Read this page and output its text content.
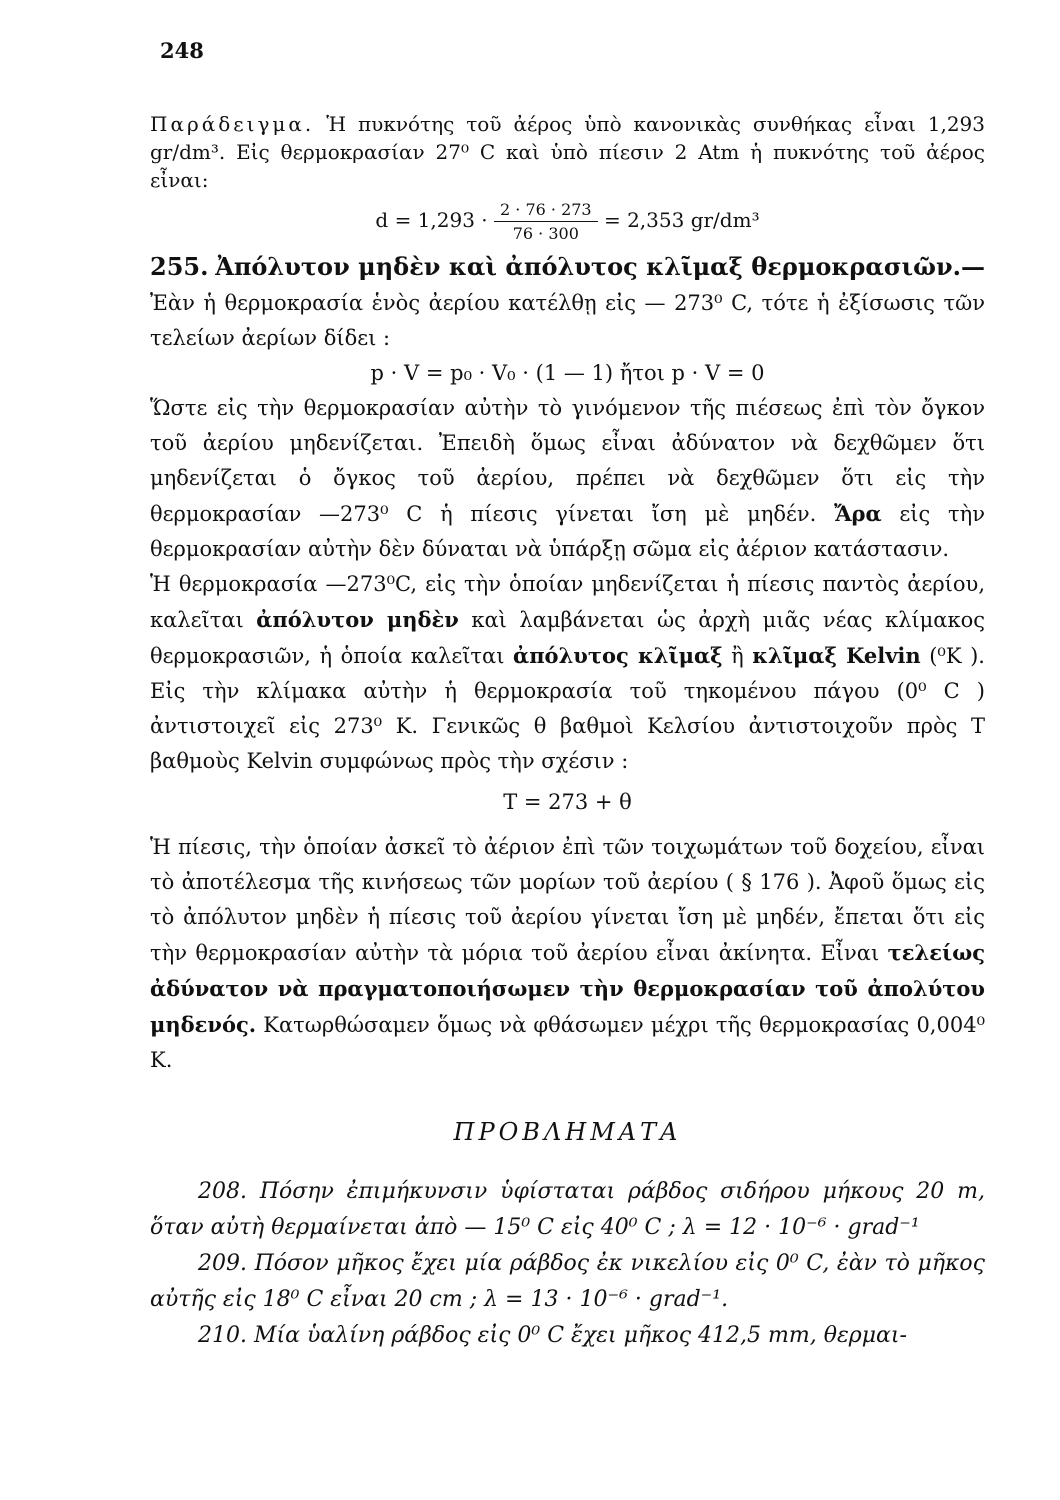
248

Παράδειγμα. Ἡ πυκνότης τοῦ ἀέρος ὑπὸ κανονικὰς συνθήκας εἶναι 1,293 gr/dm³. Εἰς θερμοκρασίαν 27⁰ C καὶ ὑπὸ πίεσιν 2 Atm ἡ πυκνότης τοῦ ἀέρος εἶναι:

$d = 1,293 \cdot \frac{2 \cdot 76 \cdot 273}{76 \cdot 300} = 2,353$ gr/dm³

255. Ἀπόλυτον μηδὲν καὶ ἀπόλυτος κλῖμαξ θερμοκρασιῶν.— Ἐὰν ἡ θερμοκρασία ἑνὸς ἀερίου κατέλθῃ εἰς — 273⁰ C, τότε ἡ ἐξίσωσις τῶν τελείων ἀερίων δίδει :

p · V = p₀ · V₀ · (1 — 1) ἤτοι p · V = 0

Ὥστε εἰς τὴν θερμοκρασίαν αὐτὴν τὸ γινόμενον τῆς πιέσεως ἐπὶ τὸν ὄγκον τοῦ ἀερίου μηδενίζεται. Ἐπειδὴ ὅμως εἶναι ἀδύνατον νὰ δεχθῶμεν ὅτι μηδενίζεται ὁ ὄγκος τοῦ ἀερίου, πρέπει νὰ δεχθῶμεν ὅτι εἰς τὴν θερμοκρασίαν —273⁰ C ἡ πίεσις γίνεται ἴση μὲ μηδέν. Ἄρα εἰς τὴν θερμοκρασίαν αὐτὴν δὲν δύναται νὰ ὑπάρξῃ σῶμα εἰς ἀέριον κατάστασιν.

Ἡ θερμοκρασία —273⁰C, εἰς τὴν ὁποίαν μηδενίζεται ἡ πίεσις παντὸς ἀερίου, καλεῖται ἀπόλυτον μηδὲν καὶ λαμβάνεται ὡς ἀρχὴ μιᾶς νέας κλίμακος θερμοκρασιῶν, ἡ ὁποία καλεῖται ἀπόλυτος κλῖμαξ ἢ κλῖμαξ Kelvin (⁰K ). Εἰς τὴν κλίμακα αὐτὴν ἡ θερμοκρασία τοῦ τηκομένου πάγου (0⁰ C ) ἀντιστοιχεῖ εἰς 273⁰ K. Γενικῶς θ βαθμοὶ Κελσίου ἀντιστοιχοῦν πρὸς T βαθμοὺς Kelvin συμφώνως πρὸς τὴν σχέσιν :

T = 273 + θ

Ἡ πίεσις, τὴν ὁποίαν ἀσκεῖ τὸ ἀέριον ἐπὶ τῶν τοιχωμάτων τοῦ δοχείου, εἶναι τὸ ἀποτέλεσμα τῆς κινήσεως τῶν μορίων τοῦ ἀερίου ( § 176 ). Ἀφοῦ ὅμως εἰς τὸ ἀπόλυτον μηδὲν ἡ πίεσις τοῦ ἀερίου γίνεται ἴση μὲ μηδέν, ἔπεται ὅτι εἰς τὴν θερμοκρασίαν αὐτὴν τὰ μόρια τοῦ ἀερίου εἶναι ἀκίνητα. Εἶναι τελείως ἀδύνατον νὰ πραγματοποιήσωμεν τὴν θερμοκρασίαν τοῦ ἀπολύτου μηδενός. Κατωρθώσαμεν ὅμως νὰ φθάσωμεν μέχρι τῆς θερμοκρασίας 0,004⁰ K.

ΠΡΟΒΛΗΜΑΤΑ

208. Πόσην ἐπιμήκυνσιν ὑφίσταται ράβδος σιδήρου μήκους 20 m, ὅταν αὐτὴ θερμαίνεται ἀπὸ — 15⁰ C εἰς 40⁰ C ; λ = 12 · 10⁻⁶ · grad⁻¹

209. Πόσον μῆκος ἔχει μία ράβδος ἐκ νικελίου εἰς 0⁰ C, ἐὰν τὸ μῆκος αὐτῆς εἰς 18⁰ C εἶναι 20 cm ; λ = 13 · 10⁻⁶ · grad⁻¹.

210. Μία ὑαλίνη ράβδος εἰς 0⁰ C ἔχει μῆκος 412,5 mm, θερμαι-
